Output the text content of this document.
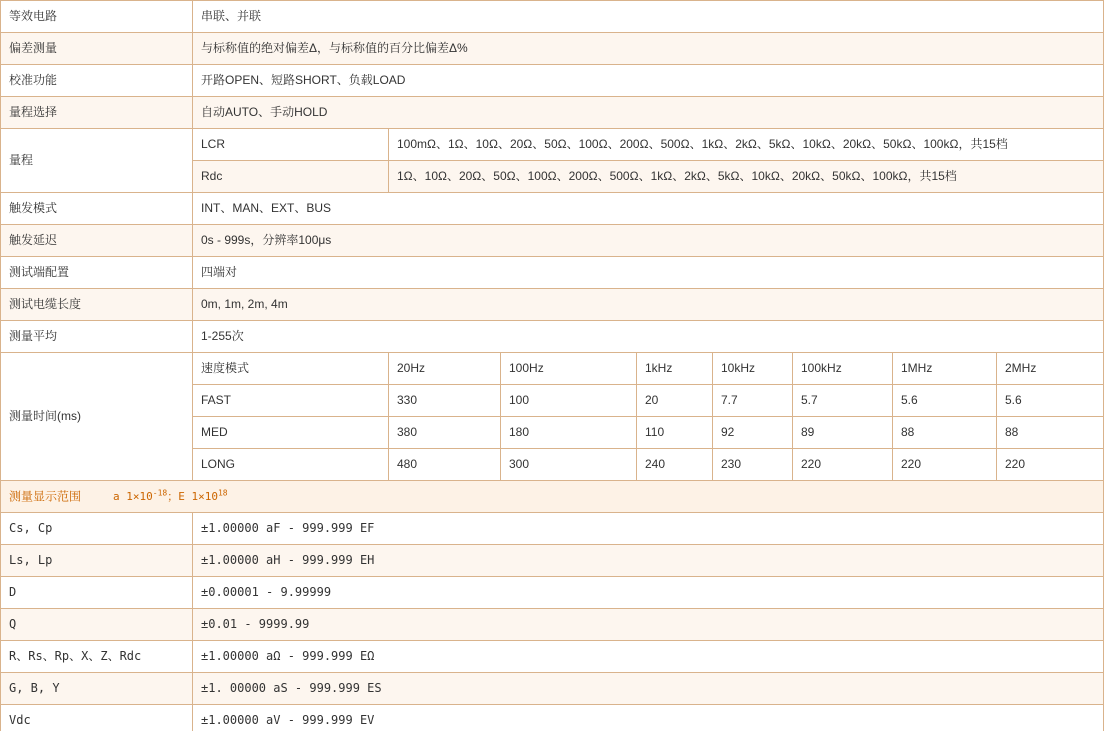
等效电路	串联、并联							
偏差测量	与标称值的绝对偏差Δ，与标称值的百分比偏差Δ%							
校准功能	开路OPEN、短路SHORT、负载LOAD							
量程选择	自动AUTO、手动HOLD							
量程	LCR	100mΩ、1Ω、10Ω、20Ω、50Ω、100Ω、200Ω、500Ω、1kΩ、2kΩ、5kΩ、10kΩ、20kΩ、50kΩ、100kΩ，共15档						
	Rdc	1Ω、10Ω、20Ω、50Ω、100Ω、200Ω、500Ω、1kΩ、2kΩ、5kΩ、10kΩ、20kΩ、50kΩ、100kΩ，共15档						
触发模式	INT、MAN、EXT、BUS							
触发延迟	0s - 999s，分辨率100μs							
测试端配置	四端对							
测试电缆长度	0m, 1m, 2m, 4m							
测量平均	1-255次							
测量时间(ms)	速度模式	20Hz	100Hz	1kHz	10kHz	100kHz	1MHz	2MHz
	FAST	330	100	20	7.7	5.7	5.6	5.6
	MED	380	180	110	92	89	88	88
	LONG	480	300	240	230	220	220	220
测量显示范围 a $1\times 10^{-18}$；E $1\times 10^{18}$
Cs, Cp	±1.00000 aF - 999.999 EF							
Ls, Lp	±1.00000 aH - 999.999 EH							
D	±0.00001 - 9.99999							
Q	±0.01 - 9999.99							
R、Rs、Rp、X、Z、Rdc	±1.00000 aΩ - 999.999 EΩ							
G, B, Y	±1. 00000 aS - 999.999 ES							
Vdc	±1.00000 aV - 999.999 EV							
